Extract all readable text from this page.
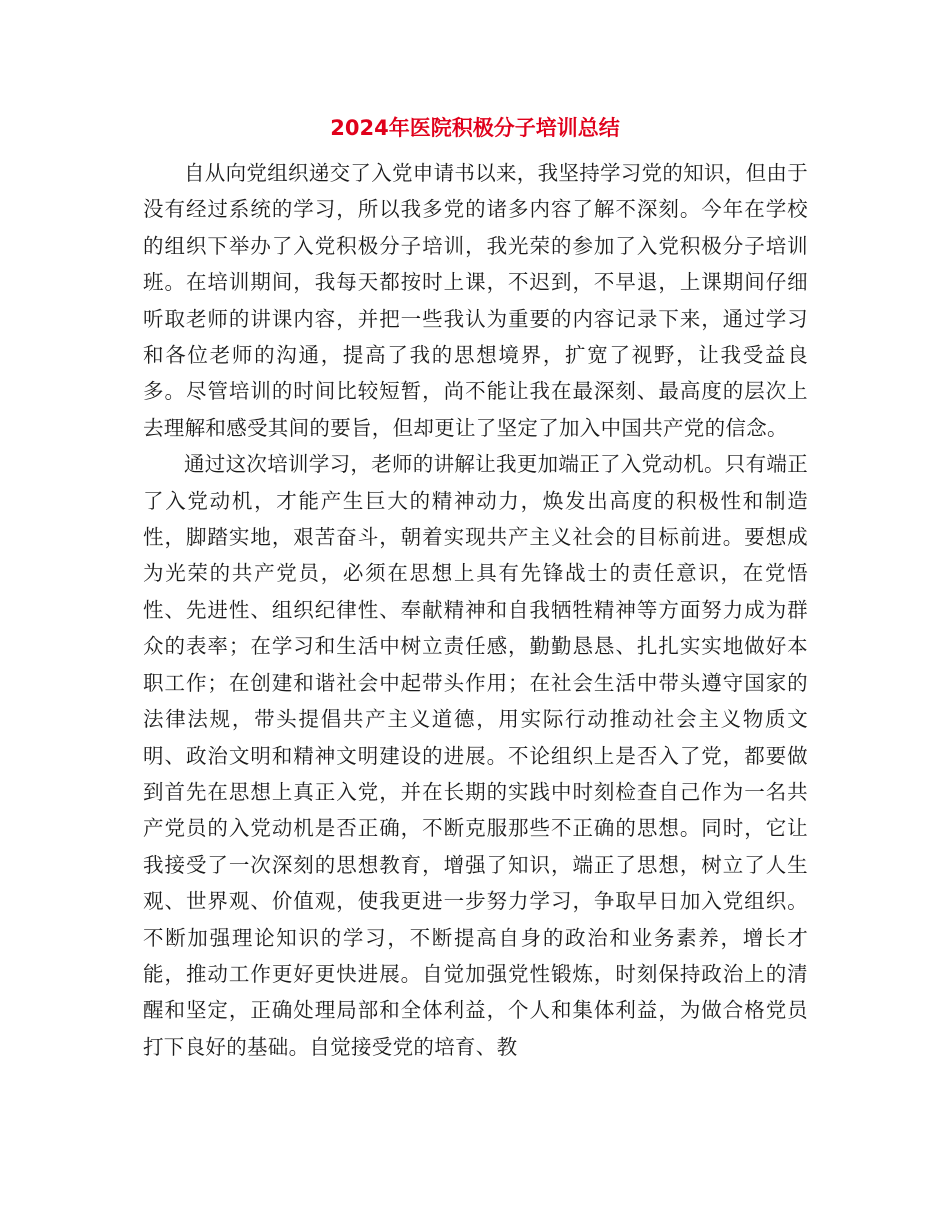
2024年医院积极分子培训总结

自从向党组织递交了入党申请书以来，我坚持学习党的知识，但由于没有经过系统的学习，所以我多党的诸多内容了解不深刻。今年在学校的组织下举办了入党积极分子培训，我光荣的参加了入党积极分子培训班。在培训期间，我每天都按时上课，不迟到，不早退，上课期间仔细听取老师的讲课内容，并把一些我认为重要的内容记录下来，通过学习和各位老师的沟通，提高了我的思想境界，扩宽了视野，让我受益良多。尽管培训的时间比较短暂，尚不能让我在最深刻、最高度的层次上去理解和感受其间的要旨，但却更让了坚定了加入中国共产党的信念。

通过这次培训学习，老师的讲解让我更加端正了入党动机。只有端正了入党动机，才能产生巨大的精神动力，焕发出高度的积极性和制造性，脚踏实地，艰苦奋斗，朝着实现共产主义社会的目标前进。要想成为光荣的共产党员，必须在思想上具有先锋战士的责任意识，在党悟性、先进性、组织纪律性、奉献精神和自我牺牲精神等方面努力成为群众的表率；在学习和生活中树立责任感，勤勤恳恳、扎扎实实地做好本职工作；在创建和谐社会中起带头作用；在社会生活中带头遵守国家的法律法规，带头提倡共产主义道德，用实际行动推动社会主义物质文明、政治文明和精神文明建设的进展。不论组织上是否入了党，都要做到首先在思想上真正入党，并在长期的实践中时刻检查自己作为一名共产党员的入党动机是否正确，不断克服那些不正确的思想。同时，它让我接受了一次深刻的思想教育，增强了知识，端正了思想，树立了人生观、世界观、价值观，使我更进一步努力学习，争取早日加入党组织。不断加强理论知识的学习，不断提高自身的政治和业务素养，增长才能，推动工作更好更快进展。自觉加强党性锻炼，时刻保持政治上的清醒和坚定，正确处理局部和全体利益，个人和集体利益，为做合格党员打下良好的基础。自觉接受党的培育、教
